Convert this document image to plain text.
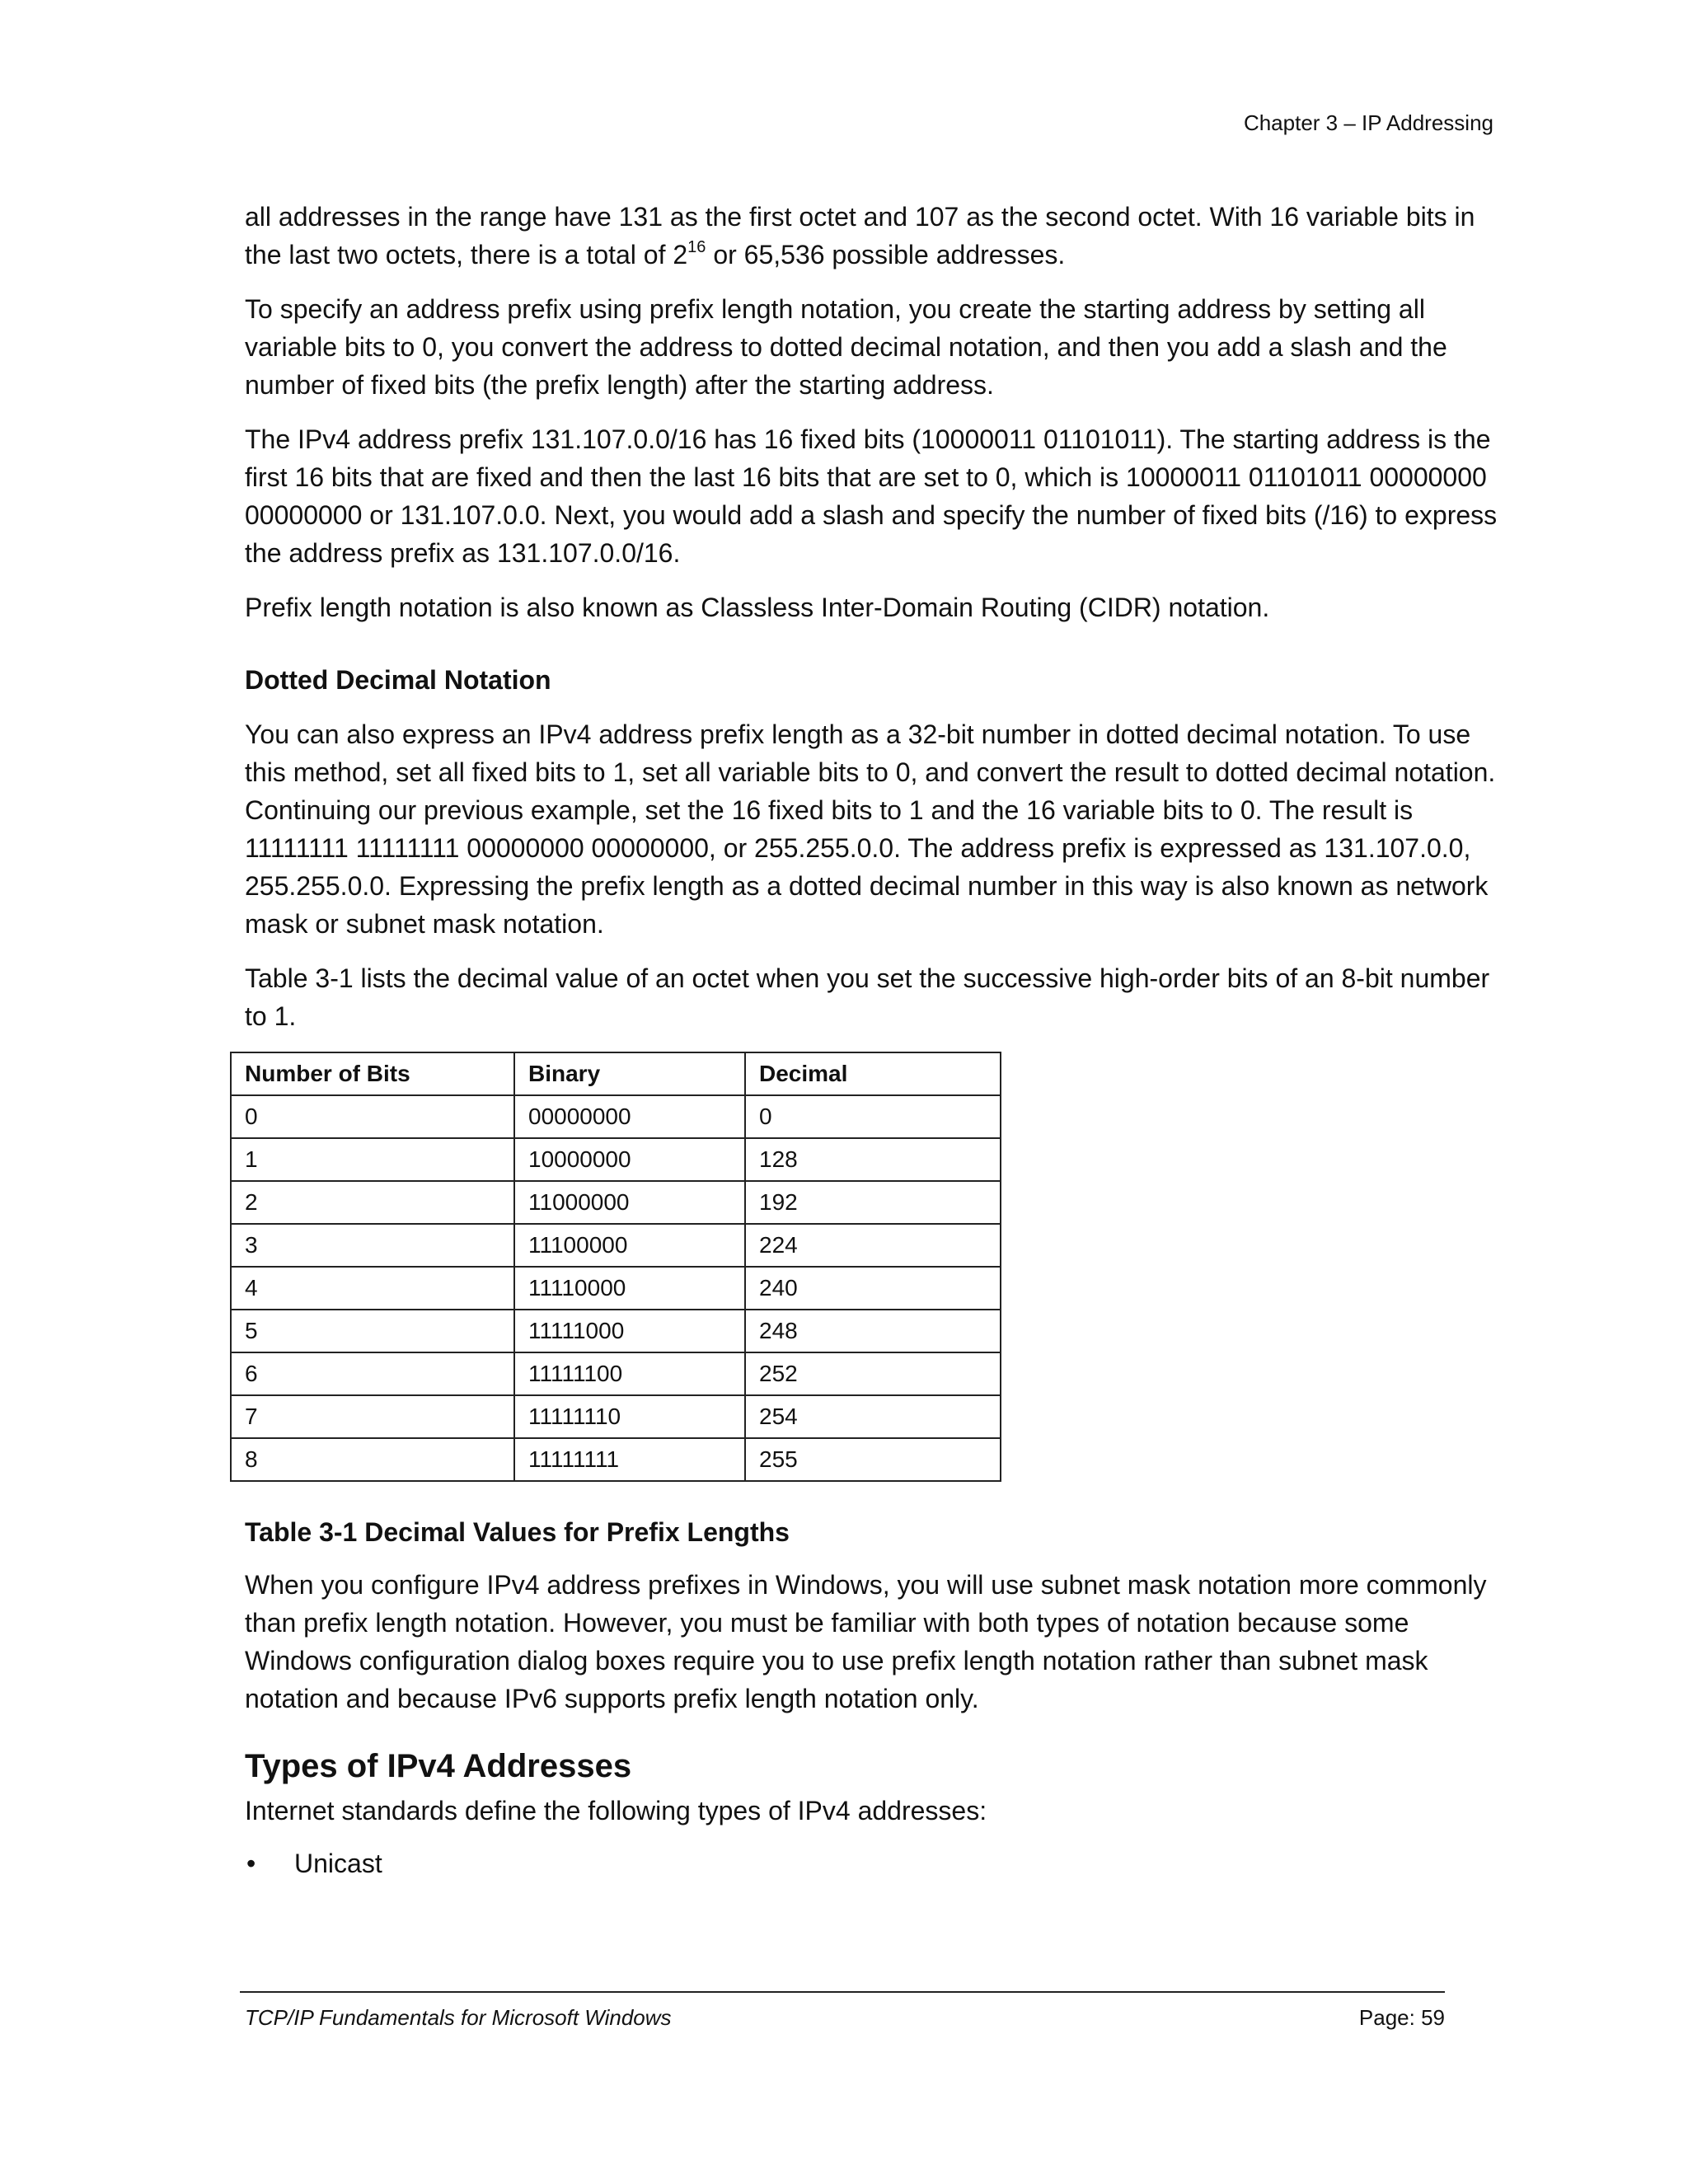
Chapter 3 – IP Addressing

all addresses in the range have 131 as the first octet and 107 as the second octet. With 16 variable bits in the last two octets, there is a total of $2^{16}$ or 65,536 possible addresses.

To specify an address prefix using prefix length notation, you create the starting address by setting all variable bits to 0, you convert the address to dotted decimal notation, and then you add a slash and the number of fixed bits (the prefix length) after the starting address.

The IPv4 address prefix 131.107.0.0/16 has 16 fixed bits (10000011 01101011). The starting address is the first 16 bits that are fixed and then the last 16 bits that are set to 0, which is 10000011 01101011 00000000 00000000 or 131.107.0.0. Next, you would add a slash and specify the number of fixed bits (/16) to express the address prefix as 131.107.0.0/16.

Prefix length notation is also known as Classless Inter-Domain Routing (CIDR) notation.

Dotted Decimal Notation

You can also express an IPv4 address prefix length as a 32-bit number in dotted decimal notation. To use this method, set all fixed bits to 1, set all variable bits to 0, and convert the result to dotted decimal notation. Continuing our previous example, set the 16 fixed bits to 1 and the 16 variable bits to 0. The result is 11111111 11111111 00000000 00000000, or 255.255.0.0. The address prefix is expressed as 131.107.0.0, 255.255.0.0. Expressing the prefix length as a dotted decimal number in this way is also known as network mask or subnet mask notation.

Table 3-1 lists the decimal value of an octet when you set the successive high-order bits of an 8-bit number to 1.

Number of Bits	Binary	Decimal
0	00000000	0
1	10000000	128
2	11000000	192
3	11100000	224
4	11110000	240
5	11111000	248
6	11111100	252
7	11111110	254
8	11111111	255
Table 3-1 Decimal Values for Prefix Lengths

When you configure IPv4 address prefixes in Windows, you will use subnet mask notation more commonly than prefix length notation. However, you must be familiar with both types of notation because some Windows configuration dialog boxes require you to use prefix length notation rather than subnet mask notation and because IPv6 supports prefix length notation only.

Types of IPv4 Addresses

Internet standards define the following types of IPv4 addresses:

• Unicast
TCP/IP Fundamentals for Microsoft Windows	Page: 59
